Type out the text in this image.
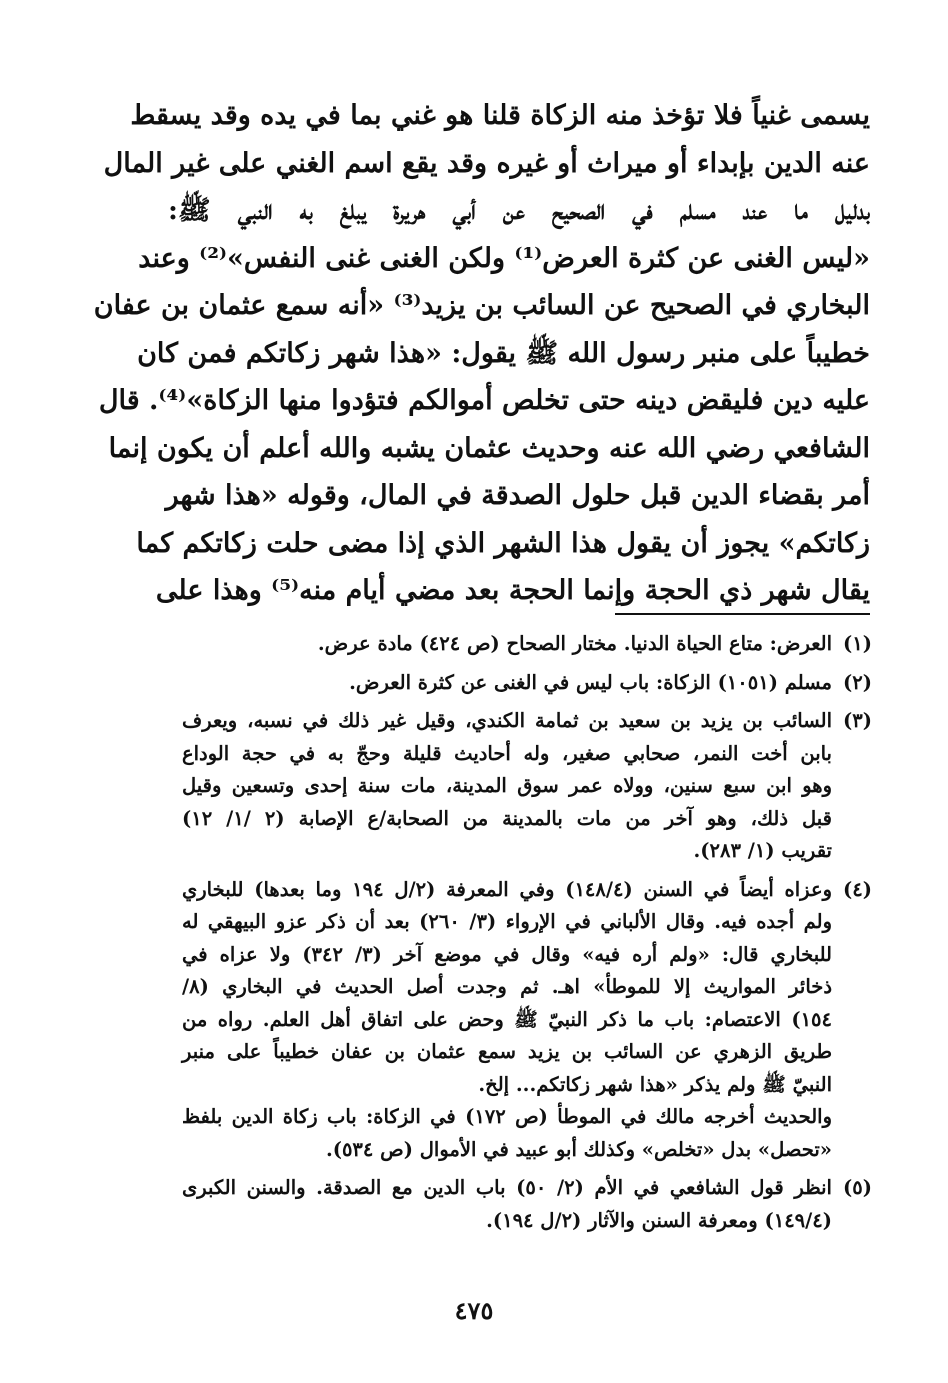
يسمى غنياً فلا تؤخذ منه الزكاة قلنا هو غني بما في يده وقد يسقط
عنه الدين بإبداء أو ميراث أو غيره وقد يقع اسم الغني على غير المال
بدليل ما عند مسلم في الصحيح عن أبي هريرة يبلغ به النبي ﷺ:
«ليس الغنى عن كثرة العرض⁽¹⁾ ولكن الغنى غنى النفس»⁽²⁾ وعند
البخاري في الصحيح عن السائب بن يزيد⁽³⁾ «أنه سمع عثمان بن عفان
خطيباً على منبر رسول الله ﷺ يقول: «هذا شهر زكاتكم فمن كان
عليه دين فليقض دينه حتى تخلص أموالكم فتؤدوا منها الزكاة»⁽⁴⁾. قال
الشافعي رضي الله عنه وحديث عثمان يشبه والله أعلم أن يكون إنما
أمر بقضاء الدين قبل حلول الصدقة في المال، وقوله «هذا شهر
زكاتكم» يجوز أن يقول هذا الشهر الذي إذا مضى حلت زكاتكم كما
يقال شهر ذي الحجة وإنما الحجة بعد مضي أيام منه⁽⁵⁾ وهذا على
(١)
العرض: متاع الحياة الدنيا. مختار الصحاح (ص ٤٢٤) مادة عرض.
(٢)
مسلم (١٠٥١) الزكاة: باب ليس في الغنى عن كثرة العرض.
(٣)
السائب بن يزيد بن سعيد بن ثمامة الكندي، وقيل غير ذلك في نسبه، ويعرف
بابن أخت النمر، صحابي صغير، وله أحاديث قليلة وحجّ به في حجة الوداع
وهو ابن سبع سنين، وولاه عمر سوق المدينة، مات سنة إحدى وتسعين وقيل
قبل ذلك، وهو آخر من مات بالمدينة من الصحابة/ع الإصابة (٢ /١/ ١٢)
تقريب (١/ ٢٨٣).
(٤)
وعزاه أيضاً في السنن (١٤٨/٤) وفي المعرفة (٢/ل ١٩٤ وما بعدها) للبخاري
ولم أجده فيه. وقال الألباني في الإرواء (٣/ ٢٦٠) بعد أن ذكر عزو البيهقي له
للبخاري قال: «ولم أره فيه» وقال في موضع آخر (٣/ ٣٤٢) ولا عزاه في
ذخائر المواريث إلا للموطأ» اهـ. ثم وجدت أصل الحديث في البخاري (٨/
١٥٤) الاعتصام: باب ما ذكر النبيّ ﷺ وحض على اتفاق أهل العلم. رواه من
طريق الزهري عن السائب بن يزيد سمع عثمان بن عفان خطيباً على منبر
النبيّ ﷺ ولم يذكر «هذا شهر زكاتكم... إلخ.
والحديث أخرجه مالك في الموطأ (ص ١٧٢) في الزكاة: باب زكاة الدين بلفظ
«تحصل» بدل «تخلص» وكذلك أبو عبيد في الأموال (ص ٥٣٤).
(٥)
انظر قول الشافعي في الأم (٢/ ٥٠) باب الدين مع الصدقة. والسنن الكبرى
(١٤٩/٤) ومعرفة السنن والآثار (٢/ل ١٩٤).
٤٧٥
